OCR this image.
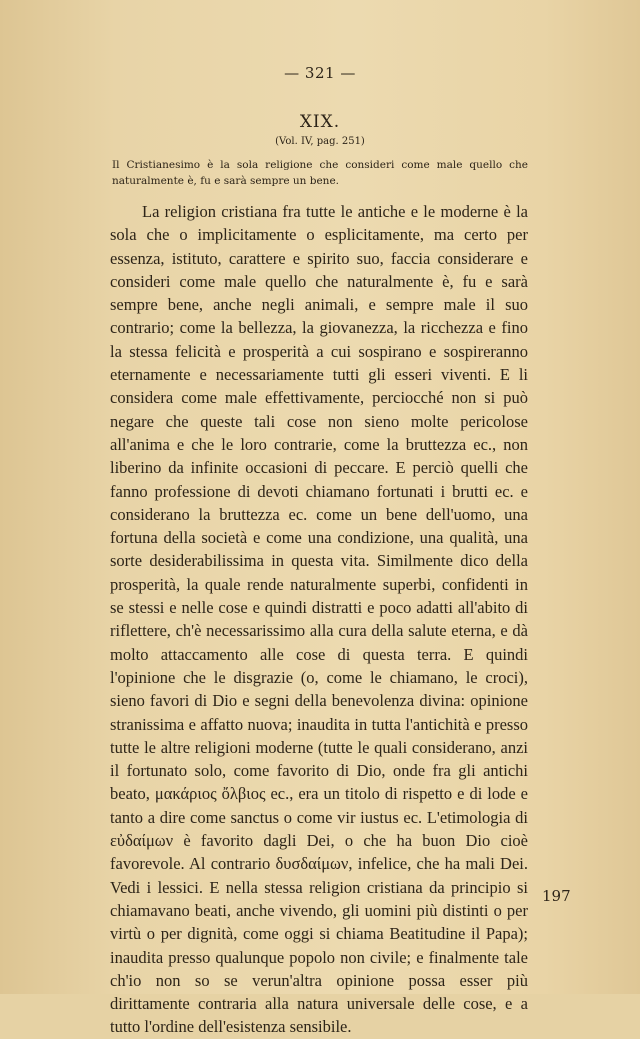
— 321 —
XIX.
(Vol. IV, pag. 251)
Il Cristianesimo è la sola religione che consideri come male quello che naturalmente è, fu e sarà sempre un bene.

La religion cristiana fra tutte le antiche e le moderne è la sola che o implicitamente o esplicitamente, ma certo per essenza, istituto, carattere e spirito suo, faccia considerare e consideri come male quello che naturalmente è, fu e sarà sempre bene, anche negli animali, e sempre male il suo contrario; come la bellezza, la giovanezza, la ricchezza e fino la stessa felicità e prosperità a cui sospirano e sospireranno eternamente e necessariamente tutti gli esseri viventi. E li considera come male effettivamente, perciocché non si può negare che queste tali cose non sieno molte pericolose all'anima e che le loro contrarie, come la bruttezza ec., non liberino da infinite occasioni di peccare. E perciò quelli che fanno professione di devoti chiamano fortunati i brutti ec. e considerano la bruttezza ec. come un bene dell'uomo, una fortuna della società e come una condizione, una qualità, una sorte desiderabilissima in questa vita. Similmente dico della prosperità, la quale rende naturalmente superbi, confidenti in se stessi e nelle cose e quindi distratti e poco adatti all'abito di riflettere, ch'è necessarissimo alla cura della salute eterna, e dà molto attaccamento alle cose di questa terra. E quindi l'opinione che le disgrazie (o, come le chiamano, le croci), sieno favori di Dio e segni della benevolenza divina: opinione stranissima e affatto nuova; inaudita in tutta l'antichità e presso tutte le altre religioni moderne (tutte le quali considerano, anzi il fortunato solo, come favorito di Dio, onde fra gli antichi beato, μακάριος ὄλβιος ec., era un titolo di rispetto e di lode e tanto a dire come sanctus o come vir iustus ec. L'etimologia di εὐδαίμων è favorito dagli Dei, o che ha buon Dio cioè favorevole. Al contrario δυσδαίμων, infelice, che ha mali Dei. Vedi i lessici. E nella stessa religion cristiana da principio si chiamavano beati, anche vivendo, gli uomini più distinti o per virtù o per dignità, come oggi si chiama Beatitudine il Papa); inaudita presso qualunque popolo non civile; e finalmente tale ch'io non so se verun'altra opinione possa esser più dirittamente contraria alla natura universale delle cose, e a tutto l'ordine dell'esistenza sensibile.

197
